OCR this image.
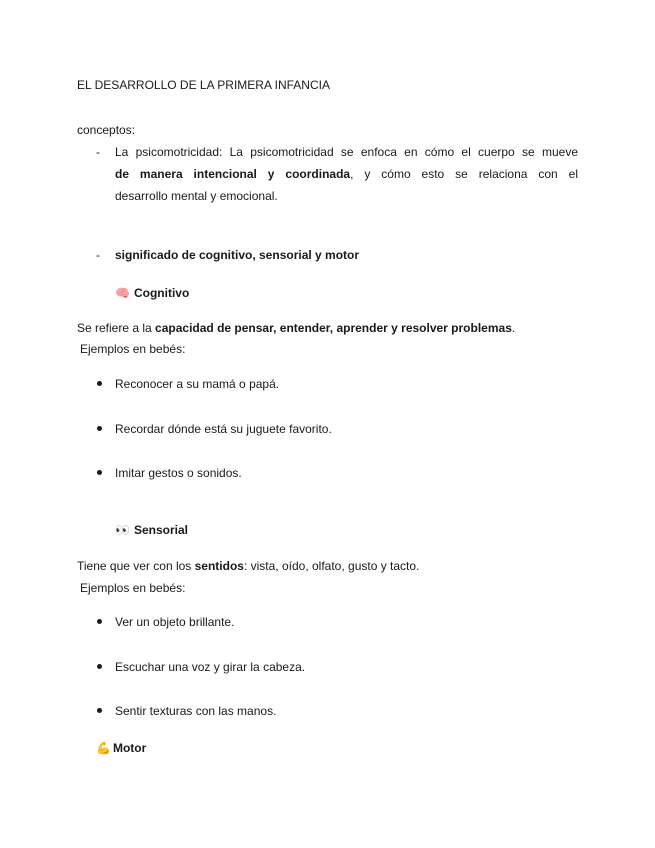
EL DESARROLLO DE LA PRIMERA INFANCIA
conceptos:
- La psicomotricidad: La psicomotricidad se enfoca en cómo el cuerpo se mueve
de manera intencional y coordinada, y cómo esto se relaciona con el
desarrollo mental y emocional.
- significado de cognitivo, sensorial y motor
🧠 Cognitivo
Se refiere a la capacidad de pensar, entender, aprender y resolver problemas.
Ejemplos en bebés:
Reconocer a su mamá o papá.
Recordar dónde está su juguete favorito.
Imitar gestos o sonidos.
👀 Sensorial
Tiene que ver con los sentidos: vista, oído, olfato, gusto y tacto.
Ejemplos en bebés:
Ver un objeto brillante.
Escuchar una voz y girar la cabeza.
Sentir texturas con las manos.
💪 Motor
